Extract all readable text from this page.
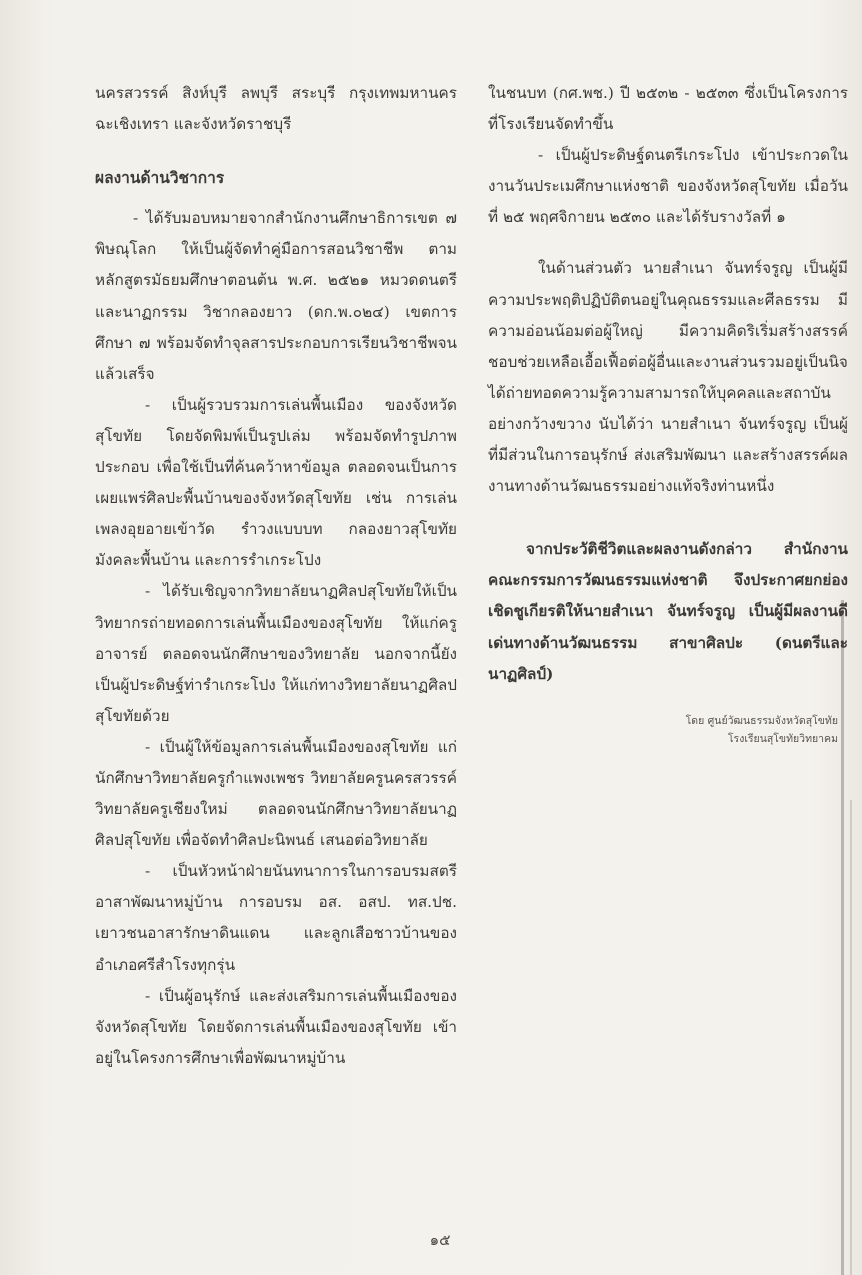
นครสวรรค์ สิงห์บุรี ลพบุรี สระบุรี กรุงเทพมหานคร ฉะเชิงเทรา และจังหวัดราชบุรี

ผลงานด้านวิชาการ

- ได้รับมอบหมายจากสำนักงานศึกษาธิการเขต ๗ พิษณุโลก ให้เป็นผู้จัดทำคู่มือการสอนวิชาชีพ ตามหลักสูตรมัธยมศึกษาตอนต้น พ.ศ. ๒๕๒๑ หมวดดนตรีและนาฏกรรม วิชากลองยาว (ดก.พ.๐๒๔) เขตการศึกษา ๗ พร้อมจัดทำจุลสารประกอบการเรียนวิชาชีพจนแล้วเสร็จ

- เป็นผู้รวบรวมการเล่นพื้นเมือง ของจังหวัดสุโขทัย โดยจัดพิมพ์เป็นรูปเล่ม พร้อมจัดทำรูปภาพประกอบ เพื่อใช้เป็นที่ค้นคว้าหาข้อมูล ตลอดจนเป็นการเผยแพร่ศิลปะพื้นบ้านของจังหวัดสุโขทัย เช่น การเล่นเพลงอุยอายเข้าวัด รำวงแบบบท กลองยาวสุโขทัย มังคละพื้นบ้าน และการรำเกระโปง

- ได้รับเชิญจากวิทยาลัยนาฏศิลปสุโขทัยให้เป็นวิทยากรถ่ายทอดการเล่นพื้นเมืองของสุโขทัย ให้แก่ครู อาจารย์ ตลอดจนนักศึกษาของวิทยาลัย นอกจากนี้ยังเป็นผู้ประดิษฐ์ท่ารำเกระโปง ให้แก่ทางวิทยาลัยนาฏศิลปสุโขทัยด้วย

- เป็นผู้ให้ข้อมูลการเล่นพื้นเมืองของสุโขทัย แก่นักศึกษาวิทยาลัยครูกำแพงเพชร วิทยาลัยครูนครสวรรค์ วิทยาลัยครูเชียงใหม่ ตลอดจนนักศึกษาวิทยาลัยนาฏศิลปสุโขทัย เพื่อจัดทำศิลปะนิพนธ์ เสนอต่อวิทยาลัย

- เป็นหัวหน้าฝ่ายนันทนาการในการอบรมสตรีอาสาพัฒนาหมู่บ้าน การอบรม อส. อสป. ทส.ปช. เยาวชนอาสารักษาดินแดน และลูกเสือชาวบ้านของอำเภอศรีสำโรงทุกรุ่น

- เป็นผู้อนุรักษ์ และส่งเสริมการเล่นพื้นเมืองของจังหวัดสุโขทัย โดยจัดการเล่นพื้นเมืองของสุโขทัย เข้าอยู่ในโครงการศึกษาเพื่อพัฒนาหมู่บ้าน

ในชนบท (กศ.พช.) ปี ๒๕๓๒ - ๒๕๓๓ ซึ่งเป็นโครงการที่โรงเรียนจัดทำขึ้น

- เป็นผู้ประดิษฐ์ดนตรีเกระโปง เข้าประกวดในงานวันประเมศึกษาแห่งชาติ ของจังหวัดสุโขทัย เมื่อวันที่ ๒๕ พฤศจิกายน ๒๕๓๐ และได้รับรางวัลที่ ๑

ในด้านส่วนตัว นายสำเนา จันทร์จรูญ เป็นผู้มีความประพฤติปฏิบัติตนอยู่ในคุณธรรมและศีลธรรม มีความอ่อนน้อมต่อผู้ใหญ่ มีความคิดริเริ่มสร้างสรรค์ ชอบช่วยเหลือเอื้อเฟื้อต่อผู้อื่นและงานส่วนรวมอยู่เป็นนิจ ได้ถ่ายทอดความรู้ความสามารถให้บุคคลและสถาบันอย่างกว้างขวาง นับได้ว่า นายสำเนา จันทร์จรูญ เป็นผู้ที่มีส่วนในการอนุรักษ์ ส่งเสริมพัฒนา และสร้างสรรค์ผลงานทางด้านวัฒนธรรมอย่างแท้จริงท่านหนึ่ง

จากประวัติชีวิตและผลงานดังกล่าว สำนักงาน คณะกรรมการวัฒนธรรมแห่งชาติ จึงประกาศยกย่องเชิดชูเกียรติให้นายสำเนา จันทร์จรูญ เป็นผู้มีผลงานดีเด่นทางด้านวัฒนธรรม สาขาศิลปะ (ดนตรีและนาฏศิลป์)

โดย ศูนย์วัฒนธรรมจังหวัดสุโขทัย
โรงเรียนสุโขทัยวิทยาคม
๑๕
